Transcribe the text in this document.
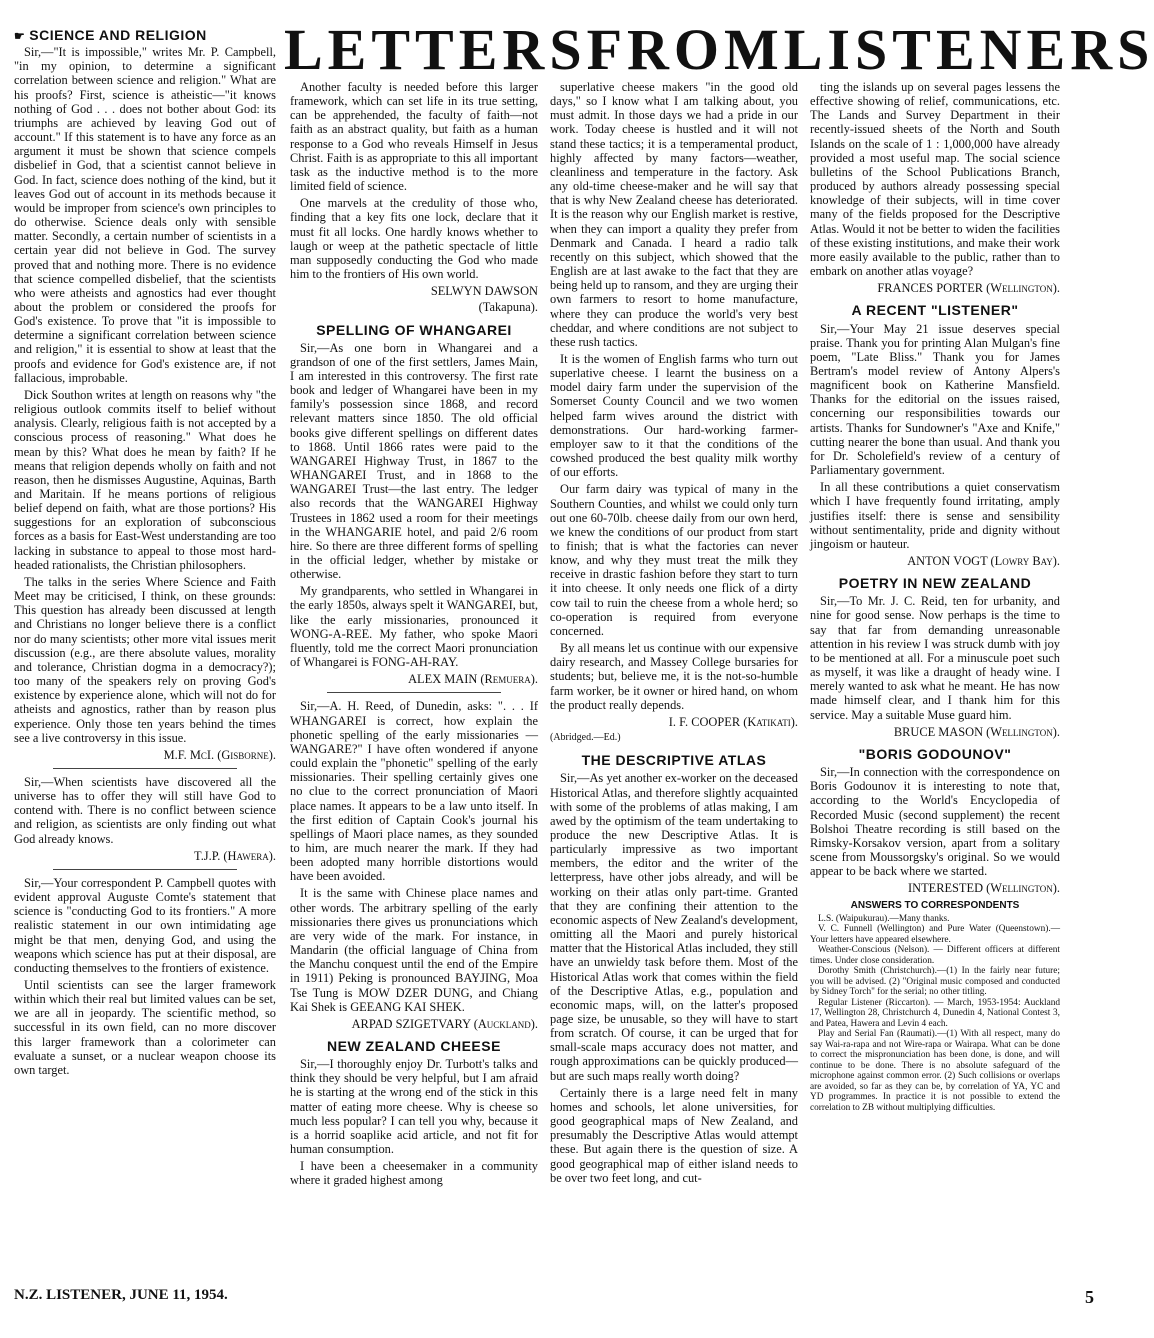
LETTERS FROM LISTENERS
☛ SCIENCE AND RELIGION

Sir,—"It is impossible," writes Mr. P. Campbell, "in my opinion, to determine a significant correlation between science and religion." What are his proofs? First, science is atheistic—"it knows nothing of God . . . does not bother about God: its triumphs are achieved by leaving God out of account." If this statement is to have any force as an argument it must be shown that science compels disbelief in God, that a scientist cannot believe in God. In fact, science does nothing of the kind, but it leaves God out of account in its methods because it would be improper from science's own principles to do otherwise. Science deals only with sensible matter. Secondly, a certain number of scientists in a certain year did not believe in God. The survey proved that and nothing more. There is no evidence that science compelled disbelief, that the scientists who were atheists and agnostics had ever thought about the problem or considered the proofs for God's existence. To prove that "it is impossible to determine a significant correlation between science and religion," it is essential to show at least that the proofs and evidence for God's existence are, if not fallacious, improbable.

Dick Southon writes at length on reasons why "the religious outlook commits itself to belief without analysis. Clearly, religious faith is not accepted by a conscious process of reasoning." What does he mean by this? What does he mean by faith? If he means that religion depends wholly on faith and not reason, then he dismisses Augustine, Aquinas, Barth and Maritain. If he means portions of religious belief depend on faith, what are those portions? His suggestions for an exploration of subconscious forces as a basis for East-West understanding are too lacking in substance to appeal to those most hard-headed rationalists, the Christian philosophers.

The talks in the series Where Science and Faith Meet may be criticised, I think, on these grounds: This question has already been discussed at length and Christians no longer believe there is a conflict nor do many scientists; other more vital issues merit discussion (e.g., are there absolute values, morality and tolerance, Christian dogma in a democracy?); too many of the speakers rely on proving God's existence by experience alone, which will not do for atheists and agnostics, rather than by reason plus experience. Only those ten years behind the times see a live controversy in this issue.

M.F. McI. (Gisborne).

Sir,—When scientists have discovered all the universe has to offer they will still have God to contend with. There is no conflict between science and religion, as scientists are only finding out what God already knows.

T.J.P. (Hawera).

Sir,—Your correspondent P. Campbell quotes with evident approval Auguste Comte's statement that science is "conducting God to its frontiers." A more realistic statement in our own intimidating age might be that men, denying God, and using the weapons which science has put at their disposal, are conducting themselves to the frontiers of existence.

Until scientists can see the larger framework within which their real but limited values can be set, we are all in jeopardy. The scientific method, so successful in its own field, can no more discover this larger framework than a colorimeter can evaluate a sunset, or a nuclear weapon choose its own target.

Another faculty is needed before this larger framework, which can set life in its true setting, can be apprehended, the faculty of faith—not faith as an abstract quality, but faith as a human response to a God who reveals Himself in Jesus Christ. Faith is as appropriate to this all important task as the inductive method is to the more limited field of science.

One marvels at the credulity of those who, finding that a key fits one lock, declare that it must fit all locks. One hardly knows whether to laugh or weep at the pathetic spectacle of little man supposedly conducting the God who made him to the frontiers of His own world.

SELWYN DAWSON
(Takapuna).
SPELLING OF WHANGAREI

Sir,—As one born in Whangarei and a grandson of one of the first settlers, James Main, I am interested in this controversy. The first rate book and ledger of Whangarei have been in my family's possession since 1868, and record relevant matters since 1850. The old official books give different spellings on different dates to 1868. Until 1866 rates were paid to the WANGAREI Highway Trust, in 1867 to the WHANGAREI Trust, and in 1868 to the WANGAREI Trust—the last entry. The ledger also records that the WANGAREI Highway Trustees in 1862 used a room for their meetings in the WHANGARIE hotel, and paid 2/6 room hire. So there are three different forms of spelling in the official ledger, whether by mistake or otherwise.

My grandparents, who settled in Whangarei in the early 1850s, always spelt it WANGAREI, but, like the early missionaries, pronounced it WONG-A-REE. My father, who spoke Maori fluently, told me the correct Maori pronunciation of Whangarei is FONG-AH-RAY.

ALEX MAIN (Remuera).

Sir,—A. H. Reed, of Dunedin, asks: ". . . If WHANGAREI is correct, how explain the phonetic spelling of the early missionaries — WANGARE?" I have often wondered if anyone could explain the "phonetic" spelling of the early missionaries. Their spelling certainly gives one no clue to the correct pronunciation of Maori place names. It appears to be a law unto itself. In the first edition of Captain Cook's journal his spellings of Maori place names, as they sounded to him, are much nearer the mark. If they had been adopted many horrible distortions would have been avoided.

It is the same with Chinese place names and other words. The arbitrary spelling of the early missionaries there gives us pronunciations which are very wide of the mark. For instance, in Mandarin (the official language of China from the Manchu conquest until the end of the Empire in 1911) Peking is pronounced BAYJING, Moa Tse Tung is MOW DZER DUNG, and Chiang Kai Shek is GEEANG KAI SHEK.

ARPAD SZIGETVARY (Auckland).
NEW ZEALAND CHEESE

Sir,—I thoroughly enjoy Dr. Turbott's talks and think they should be very helpful, but I am afraid he is starting at the wrong end of the stick in this matter of eating more cheese. Why is cheese so much less popular? I can tell you why, because it is a horrid soaplike acid article, and not fit for human consumption.

I have been a cheesemaker in a community where it graded highest among

superlative cheese makers "in the good old days," so I know what I am talking about, you must admit. In those days we had a pride in our work. Today cheese is hustled and it will not stand these tactics; it is a temperamental product, highly affected by many factors—weather, cleanliness and temperature in the factory. Ask any old-time cheese-maker and he will say that that is why New Zealand cheese has deteriorated. It is the reason why our English market is restive, when they can import a quality they prefer from Denmark and Canada. I heard a radio talk recently on this subject, which showed that the English are at last awake to the fact that they are being held up to ransom, and they are urging their own farmers to resort to home manufacture, where they can produce the world's very best cheddar, and where conditions are not subject to these rush tactics.

It is the women of English farms who turn out superlative cheese. I learnt the business on a model dairy farm under the supervision of the Somerset County Council and we two women helped farm wives around the district with demonstrations. Our hard-working farmer-employer saw to it that the conditions of the cowshed produced the best quality milk worthy of our efforts.

Our farm dairy was typical of many in the Southern Counties, and whilst we could only turn out one 60-70lb. cheese daily from our own herd, we knew the conditions of our product from start to finish; that is what the factories can never know, and why they must treat the milk they receive in drastic fashion before they start to turn it into cheese. It only needs one flick of a dirty cow tail to ruin the cheese from a whole herd; so co-operation is required from everyone concerned.

By all means let us continue with our expensive dairy research, and Massey College bursaries for students; but, believe me, it is the not-so-humble farm worker, be it owner or hired hand, on whom the product really depends.

I. F. COOPER (Katikati).
(Abridged.—Ed.)
THE DESCRIPTIVE ATLAS

Sir,—As yet another ex-worker on the deceased Historical Atlas, and therefore slightly acquainted with some of the problems of atlas making, I am awed by the optimism of the team undertaking to produce the new Descriptive Atlas. It is particularly impressive as two important members, the editor and the writer of the letterpress, have other jobs already, and will be working on their atlas only part-time. Granted that they are confining their attention to the economic aspects of New Zealand's development, omitting all the Maori and purely historical matter that the Historical Atlas included, they still have an unwieldy task before them. Most of the Historical Atlas work that comes within the field of the Descriptive Atlas, e.g., population and economic maps, will, on the latter's proposed page size, be unusable, so they will have to start from scratch. Of course, it can be urged that for small-scale maps accuracy does not matter, and rough approximations can be quickly produced—but are such maps really worth doing?

Certainly there is a large need felt in many homes and schools, let alone universities, for good geographical maps of New Zealand, and presumably the Descriptive Atlas would attempt these. But again there is the question of size. A good geographical map of either island needs to be over two feet long, and cut-

ting the islands up on several pages lessens the effective showing of relief, communications, etc. The Lands and Survey Department in their recently-issued sheets of the North and South Islands on the scale of 1 : 1,000,000 have already provided a most useful map. The social science bulletins of the School Publications Branch, produced by authors already possessing special knowledge of their subjects, will in time cover many of the fields proposed for the Descriptive Atlas. Would it not be better to widen the facilities of these existing institutions, and make their work more easily available to the public, rather than to embark on another atlas voyage?

FRANCES PORTER (Wellington).
A RECENT "LISTENER"

Sir,—Your May 21 issue deserves special praise. Thank you for printing Alan Mulgan's fine poem, "Late Bliss." Thank you for James Bertram's model review of Antony Alpers's magnificent book on Katherine Mansfield. Thanks for the editorial on the issues raised, concerning our responsibilities towards our artists. Thanks for Sundowner's "Axe and Knife," cutting nearer the bone than usual. And thank you for Dr. Scholefield's review of a century of Parliamentary government.

In all these contributions a quiet conservatism which I have frequently found irritating, amply justifies itself: there is sense and sensibility without sentimentality, pride and dignity without jingoism or hauteur.

ANTON VOGT (Lowry Bay).
POETRY IN NEW ZEALAND

Sir,—To Mr. J. C. Reid, ten for urbanity, and nine for good sense. Now perhaps is the time to say that far from demanding unreasonable attention in his review I was struck dumb with joy to be mentioned at all. For a minuscule poet such as myself, it was like a draught of heady wine. I merely wanted to ask what he meant. He has now made himself clear, and I thank him for this service. May a suitable Muse guard him.

BRUCE MASON (Wellington).
"BORIS GODOUNOV"

Sir,—In connection with the correspondence on Boris Godounov it is interesting to note that, according to the World's Encyclopedia of Recorded Music (second supplement) the recent Bolshoi Theatre recording is still based on the Rimsky-Korsakov version, apart from a solitary scene from Moussorgsky's original. So we would appear to be back where we started.

INTERESTED (Wellington).
ANSWERS TO CORRESPONDENTS

L.S. (Waipukurau).—Many thanks.

V. C. Funnell (Wellington) and Pure Water (Queenstown).—Your letters have appeared elsewhere.

Weather-Conscious (Nelson). — Different officers at different times. Under close consideration.

Dorothy Smith (Christchurch).—(1) In the fairly near future; you will be advised. (2) "Original music composed and conducted by Sidney Torch" for the serial; no other titling.

Regular Listener (Riccarton). — March, 1953-1954: Auckland 17, Wellington 28, Christchurch 4, Dunedin 4, National Contest 3, and Patea, Hawera and Levin 4 each.

Play and Serial Fan (Raumati).—(1) With all respect, many do say Wai-ra-rapa and not Wire-rapa or Wairapa. What can be done to correct the mispronunciation has been done, is done, and will continue to be done. There is no absolute safeguard of the microphone against common error. (2) Such collisions or overlaps are avoided, so far as they can be, by correlation of YA, YC and YD programmes. In practice it is not possible to extend the correlation to ZB without multiplying difficulties.

N.Z. LISTENER, JUNE 11, 1954.	5
